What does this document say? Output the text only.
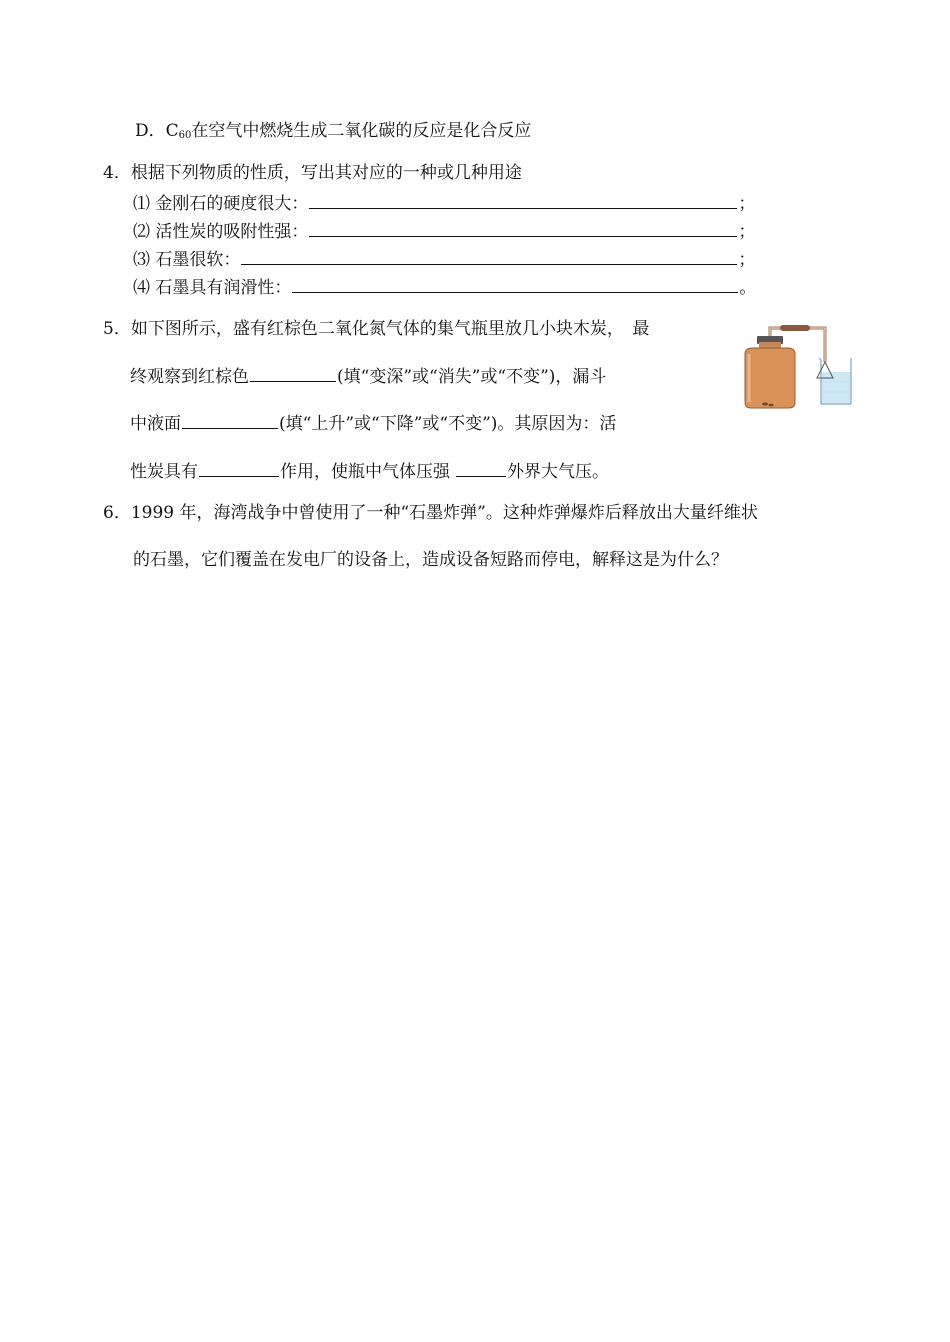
D．$C_{60}$在空气中燃烧生成二氧化碳的反应是化合反应
4．根据下列物质的性质，写出其对应的一种或几种用途
⑴ 金刚石的硬度很大：	；
⑵ 活性炭的吸附性强：	；
⑶ 石墨很软：	；
⑷ 石墨具有润滑性：	。
5．如下图所示，盛有红棕色二氧化氮气体的集气瓶里放几小块木炭，　最
终观察到红棕色	(填“变深”或“消失”或“不变”)，漏斗
中液面	(填“上升”或“下降”或“不变”)。其原因为：活
性炭具有	作用，使瓶中气体压强	外界大气压。
6．1999 年，海湾战争中曾使用了一种“石墨炸弹”。这种炸弹爆炸后释放出大量纤维状
的石墨，它们覆盖在发电厂的设备上，造成设备短路而停电，解释这是为什么？
